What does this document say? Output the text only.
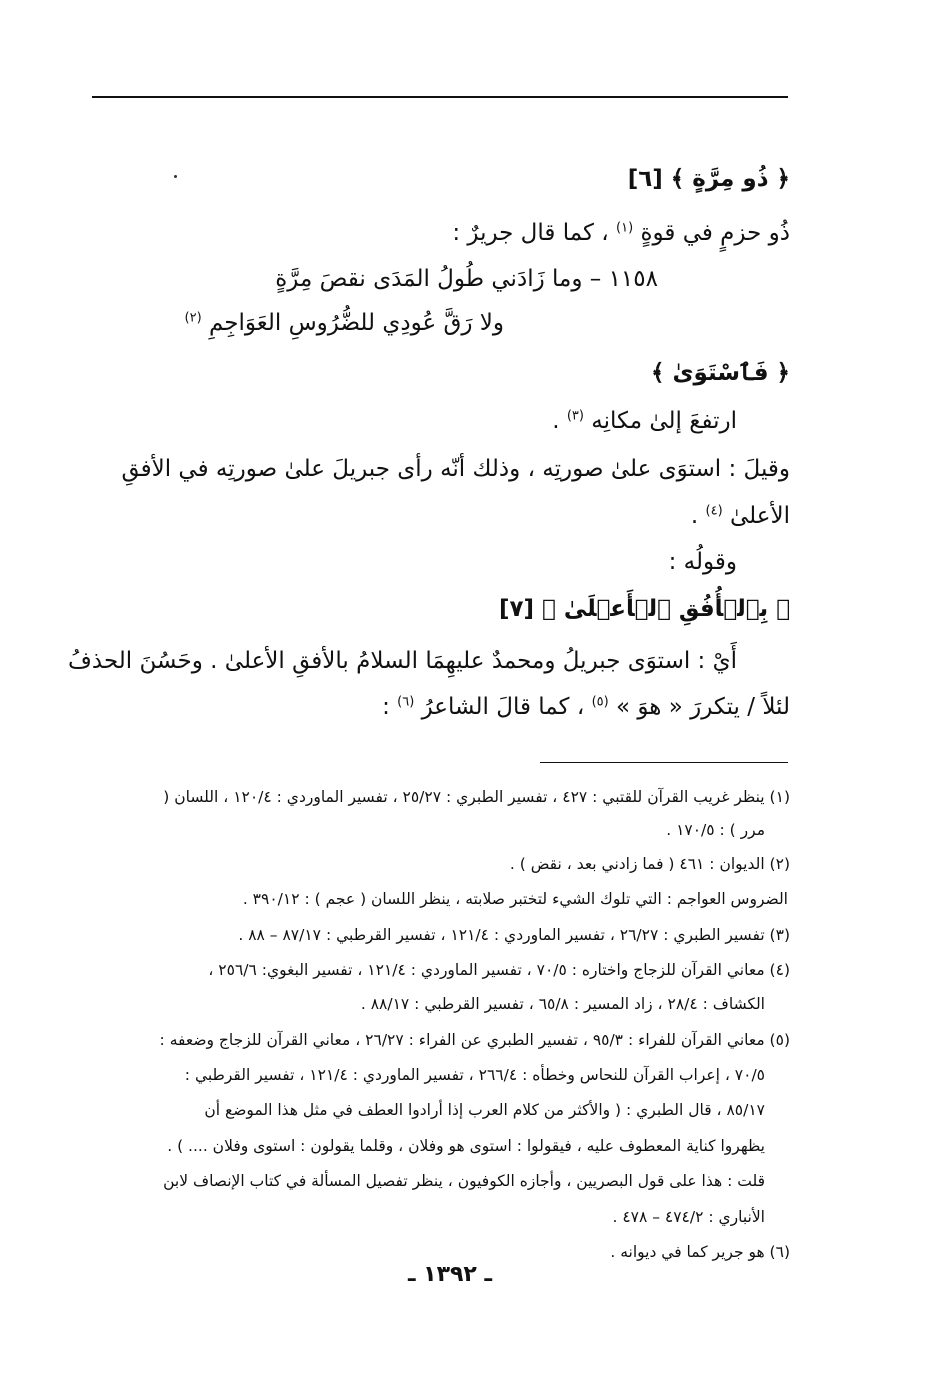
﴿ ذُو مِرَّةٍ ﴾ [٦]
ذُو حزمٍ في قوةٍ $^{(١)}$ ، كما قال جريرٌ :
١١٥٨ – وما زَادَني طُولُ المَدَى نقصَ مِرَّةٍ
ولا رَقَّ عُودِي للضُّرُوسِ العَوَاجِمِ $^{(٢)}$
﴿ فَٱسْتَوَىٰ ﴾
ارتفعَ إلىٰ مكانِه $^{(٣)}$ .
وقيلَ : استوَى علىٰ صورتِه ، وذلك أنّه رأى جبريلَ علىٰ صورتِه في الأفقِ
الأعلىٰ $^{(٤)}$ .
وقولُه :
﴿ بِٱلۡأُفُقِ ٱلۡأَعۡلَىٰ ﴾ [٧]
أَيْ : استوَى جبريلُ ومحمدٌ عليهِمَا السلامُ بالأفقِ الأعلىٰ . وحَسُنَ الحذفُ
لئلاً / يتكررَ « هوَ » $^{(٥)}$ ، كما قالَ الشاعرُ $^{(٦)}$ :
(١) ينظر غريب القرآن للقتبي : ٤٢٧ ، تفسير الطبري : ٢٥/٢٧ ، تفسير الماوردي : ١٢٠/٤ ، اللسان (
مرر ) : ١٧٠/٥ .
(٢) الديوان : ٤٦١ ( فما زادني بعد ، نقض ) .
الضروس العواجم : التي تلوك الشيء لتختبر صلابته ، ينظر اللسان ( عجم ) : ٣٩٠/١٢ .
(٣) تفسير الطبري : ٢٦/٢٧ ، تفسير الماوردي : ١٢١/٤ ، تفسير القرطبي : ٨٧/١٧ – ٨٨ .
(٤) معاني القرآن للزجاج واختاره : ٧٠/٥ ، تفسير الماوردي : ١٢١/٤ ، تفسير البغوي: ٢٥٦/٦ ،
الكشاف : ٢٨/٤ ، زاد المسير : ٦٥/٨ ، تفسير القرطبي : ٨٨/١٧ .
(٥) معاني القرآن للفراء : ٩٥/٣ ، تفسير الطبري عن الفراء : ٢٦/٢٧ ، معاني القرآن للزجاج وضعفه :
٧٠/٥ ، إعراب القرآن للنحاس وخطأه : ٢٦٦/٤ ، تفسير الماوردي : ١٢١/٤ ، تفسير القرطبي :
٨٥/١٧ ، قال الطبري : ( والأكثر من كلام العرب إذا أرادوا العطف في مثل هذا الموضع أن
يظهروا كناية المعطوف عليه ، فيقولوا : استوى هو وفلان ، وقلما يقولون : استوى وفلان .... ) .
قلت : هذا على قول البصريين ، وأجازه الكوفيون ، ينظر تفصيل المسألة في كتاب الإنصاف لابن
الأنباري : ٤٧٤/٢ – ٤٧٨ .
(٦) هو جرير كما في ديوانه .
ـ ١٣٩٢ ـ
